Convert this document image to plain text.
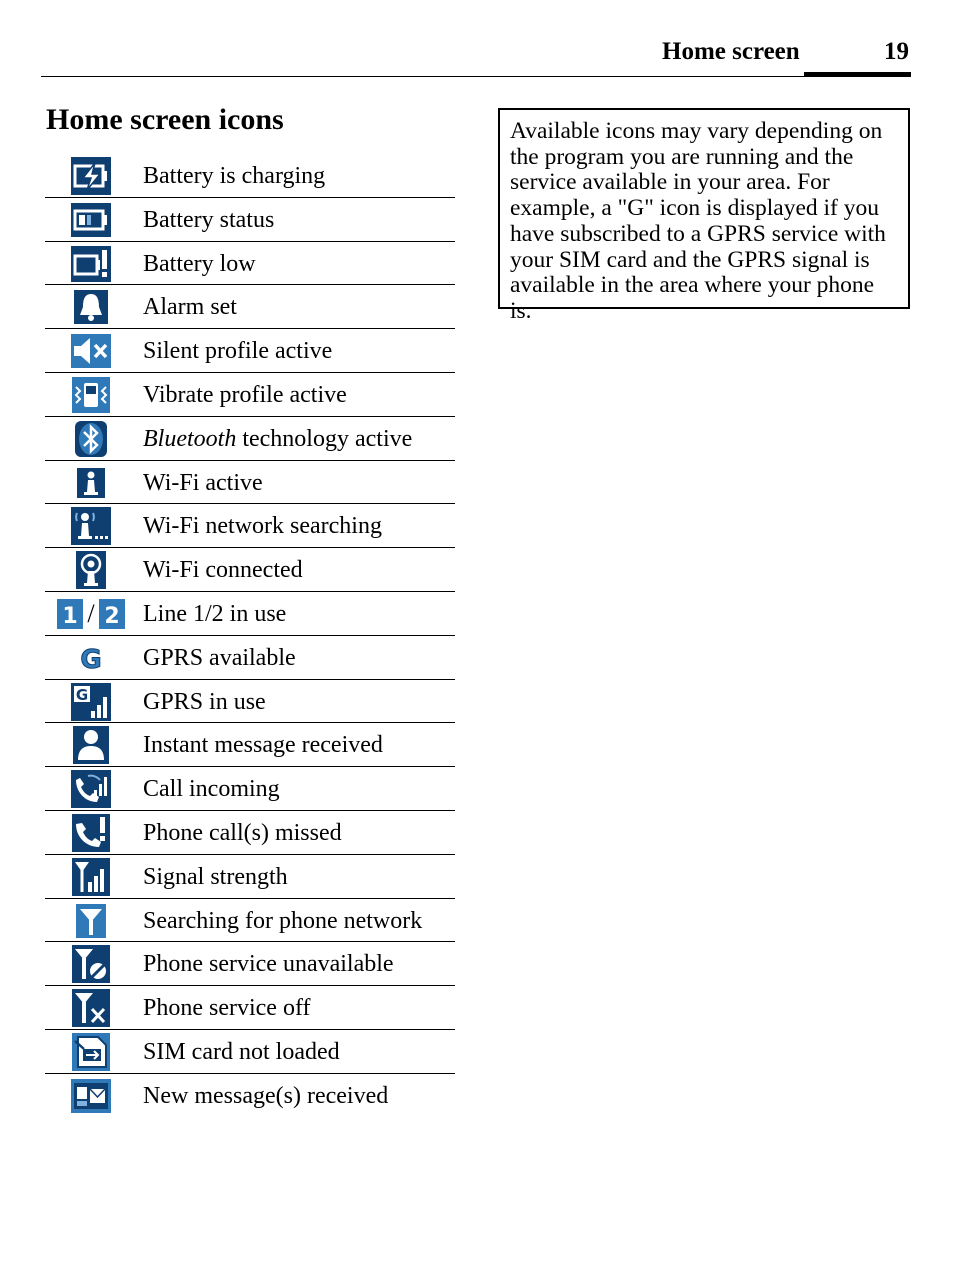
Home screen	19
Home screen icons
Battery is charging
Battery status
Battery low
Alarm set
Silent profile active
Vibrate profile active
Bluetooth technology active
Wi-Fi active
Wi-Fi network searching
Wi-Fi connected
1 / 2 Line 1/2 in use
G GPRS available
G GPRS in use
Instant message received
Call incoming
Phone call(s) missed
Signal strength
Searching for phone network
Phone service unavailable
Phone service off
SIM card not loaded
New message(s) received
Available icons may vary depending on the program you are running and the service available in your area. For example, a "G" icon is displayed if you have subscribed to a GPRS service with your SIM card and the GPRS signal is available in the area where your phone is.
